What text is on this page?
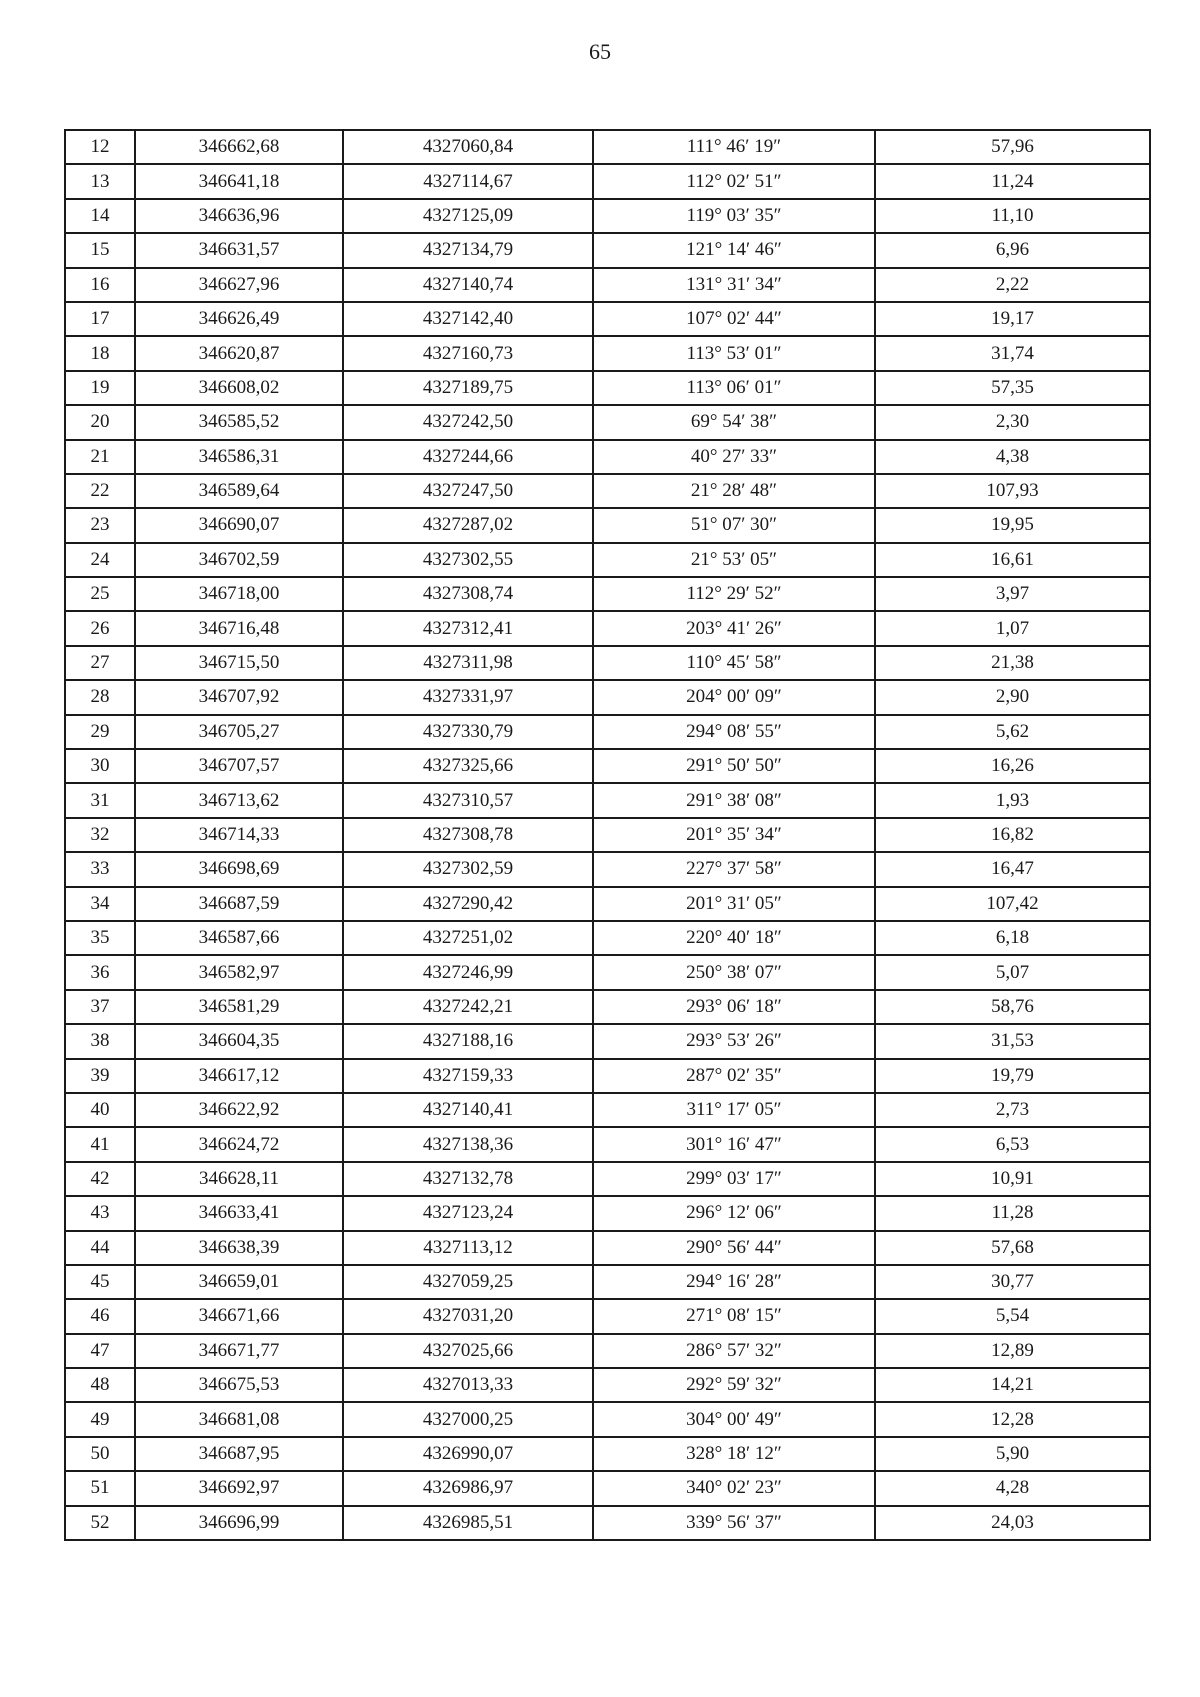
65
12	346662,68	4327060,84	111° 46′ 19″	57,96
13	346641,18	4327114,67	112° 02′ 51″	11,24
14	346636,96	4327125,09	119° 03′ 35″	11,10
15	346631,57	4327134,79	121° 14′ 46″	6,96
16	346627,96	4327140,74	131° 31′ 34″	2,22
17	346626,49	4327142,40	107° 02′ 44″	19,17
18	346620,87	4327160,73	113° 53′ 01″	31,74
19	346608,02	4327189,75	113° 06′ 01″	57,35
20	346585,52	4327242,50	69° 54′ 38″	2,30
21	346586,31	4327244,66	40° 27′ 33″	4,38
22	346589,64	4327247,50	21° 28′ 48″	107,93
23	346690,07	4327287,02	51° 07′ 30″	19,95
24	346702,59	4327302,55	21° 53′ 05″	16,61
25	346718,00	4327308,74	112° 29′ 52″	3,97
26	346716,48	4327312,41	203° 41′ 26″	1,07
27	346715,50	4327311,98	110° 45′ 58″	21,38
28	346707,92	4327331,97	204° 00′ 09″	2,90
29	346705,27	4327330,79	294° 08′ 55″	5,62
30	346707,57	4327325,66	291° 50′ 50″	16,26
31	346713,62	4327310,57	291° 38′ 08″	1,93
32	346714,33	4327308,78	201° 35′ 34″	16,82
33	346698,69	4327302,59	227° 37′ 58″	16,47
34	346687,59	4327290,42	201° 31′ 05″	107,42
35	346587,66	4327251,02	220° 40′ 18″	6,18
36	346582,97	4327246,99	250° 38′ 07″	5,07
37	346581,29	4327242,21	293° 06′ 18″	58,76
38	346604,35	4327188,16	293° 53′ 26″	31,53
39	346617,12	4327159,33	287° 02′ 35″	19,79
40	346622,92	4327140,41	311° 17′ 05″	2,73
41	346624,72	4327138,36	301° 16′ 47″	6,53
42	346628,11	4327132,78	299° 03′ 17″	10,91
43	346633,41	4327123,24	296° 12′ 06″	11,28
44	346638,39	4327113,12	290° 56′ 44″	57,68
45	346659,01	4327059,25	294° 16′ 28″	30,77
46	346671,66	4327031,20	271° 08′ 15″	5,54
47	346671,77	4327025,66	286° 57′ 32″	12,89
48	346675,53	4327013,33	292° 59′ 32″	14,21
49	346681,08	4327000,25	304° 00′ 49″	12,28
50	346687,95	4326990,07	328° 18′ 12″	5,90
51	346692,97	4326986,97	340° 02′ 23″	4,28
52	346696,99	4326985,51	339° 56′ 37″	24,03
